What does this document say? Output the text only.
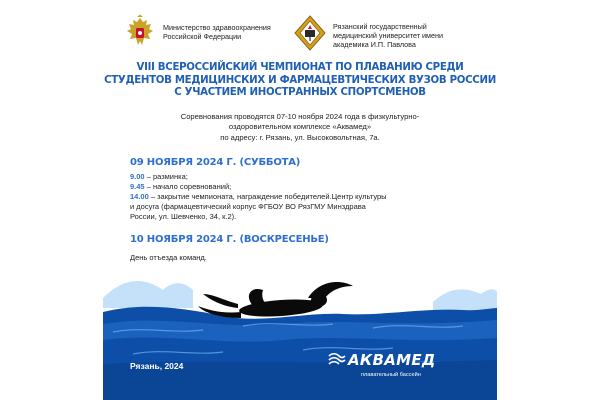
Министерство здравоохранения
Российской Федерации
Рязанский государственный
медицинский университет имени
академика И.П. Павлова
VIII ВСЕРОССИЙСКИЙ ЧЕМПИОНАТ ПО ПЛАВАНИЮ СРЕДИ
СТУДЕНТОВ МЕДИЦИНСКИХ И ФАРМАЦЕВТИЧЕСКИХ ВУЗОВ РОССИИ
С УЧАСТИЕМ ИНОСТРАННЫХ СПОРТСМЕНОВ
Соревнования проводятся 07-10 ноября 2024 года в физкультурно-
оздоровительном комплексе «Аквамед»
по адресу: г. Рязань, ул. Высоковольтная, 7а.
09 НОЯБРЯ 2024 Г. (СУББОТА)
9.00 – разминка;
9.45 – начало соревнований;
14.00 – закрытие чемпионата, награждение победителей.Центр культуры
и досуга (фармацевтический корпус ФГБОУ ВО РязГМУ Минздрава
России, ул. Шевченко, 34, к.2).
10 НОЯБРЯ 2024 Г. (ВОСКРЕСЕНЬЕ)
День отъезда команд.
Рязань, 2024	АКВАМЕД
плавательный бассейн
